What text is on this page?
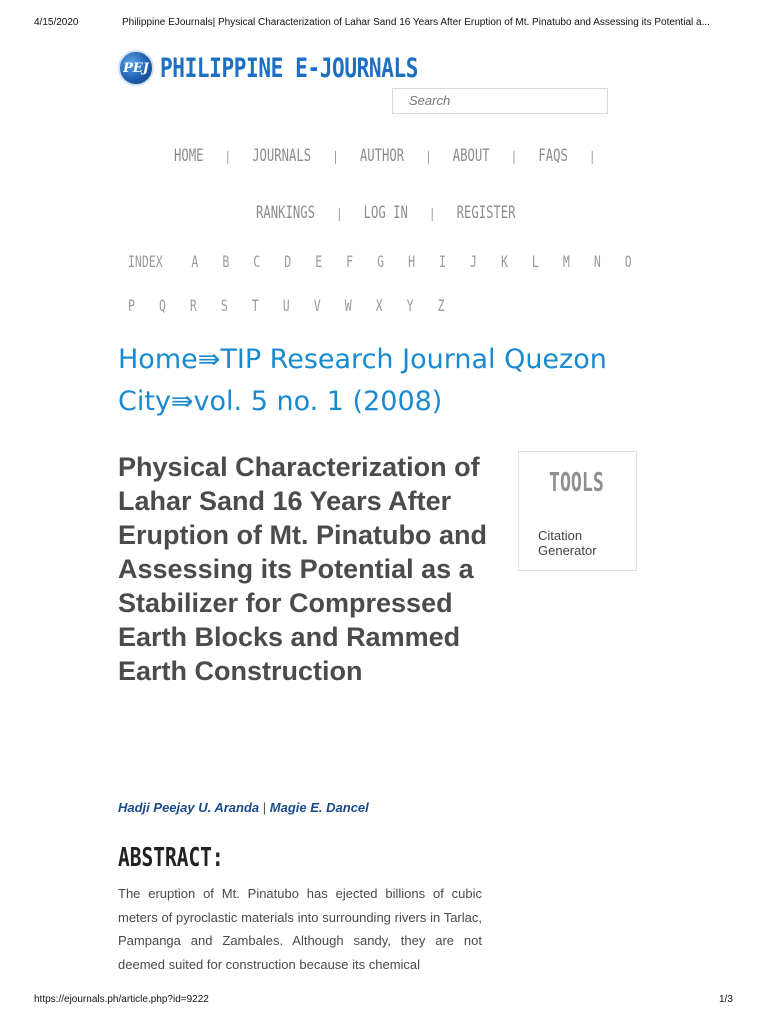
4/15/2020	Philippine EJournals| Physical Characterization of Lahar Sand 16 Years After Eruption of Mt. Pinatubo and Assessing its Potential a...
PEJ PHILIPPINE E-JOURNALS
Search
HOME | JOURNALS | AUTHOR | ABOUT | FAQS |
RANKINGS | LOG IN | REGISTER
INDEX	A	B	C	D	E	F	G	H	I	J	K	L	M	N	O
P	Q	R	S	T	U	V	W	X	Y	Z
Home⇛TIP Research Journal Quezon City⇛vol. 5 no. 1 (2008)
Physical Characterization of Lahar Sand 16 Years After Eruption of Mt. Pinatubo and Assessing its Potential as a Stabilizer for Compressed Earth Blocks and Rammed Earth Construction
Hadji Peejay U. Aranda | Magie E. Dancel
ABSTRACT:
The eruption of Mt. Pinatubo has ejected billions of cubic meters of pyroclastic materials into surrounding rivers in Tarlac, Pampanga and Zambales. Although sandy, they are not deemed suited for construction because its chemical
TOOLS
Citation Generator
https://ejournals.ph/article.php?id=9222	1/3
